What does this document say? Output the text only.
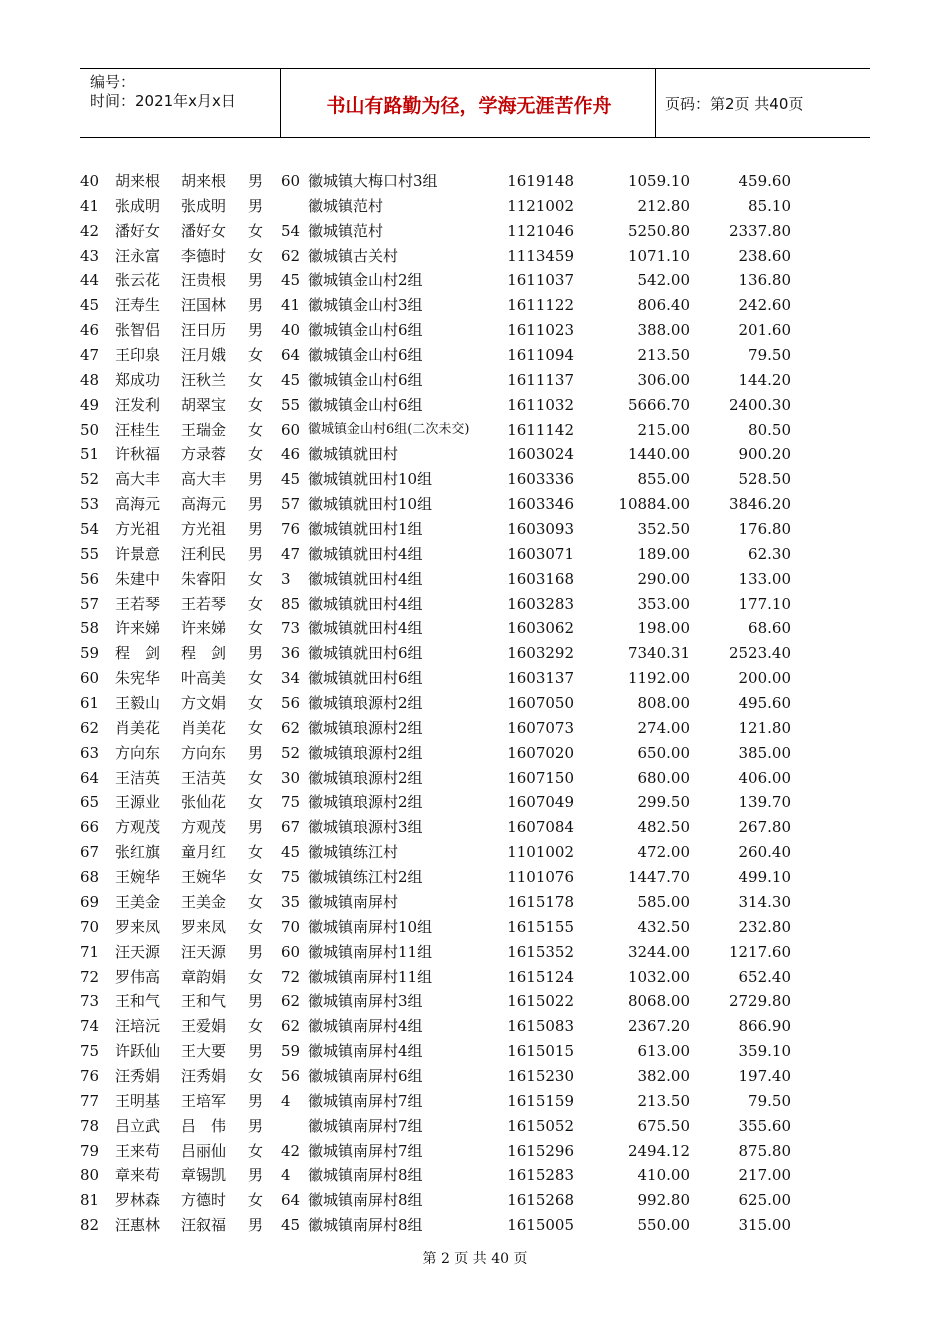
编号：
时间：2021年x月x日	书山有路勤为径，学海无涯苦作舟	页码：第2页 共40页
40 胡来根 胡来根 男 60 徽城镇大梅口村3组	1619148	1059.10	459.60
41 张成明 张成明 男	徽城镇范村	1121002	212.80	85.10
42 潘好女 潘好女 女 54 徽城镇范村	1121046	5250.80	2337.80
43 汪永富 李德时 女 62 徽城镇古关村	1113459	1071.10	238.60
44 张云花 汪贵根 男 45 徽城镇金山村2组	1611037	542.00	136.80
45 汪寿生 汪国林 男 41 徽城镇金山村3组	1611122	806.40	242.60
46 张智侣 汪日历 男 40 徽城镇金山村6组	1611023	388.00	201.60
47 王印泉 汪月娥 女 64 徽城镇金山村6组	1611094	213.50	79.50
48 郑成功 汪秋兰 女 45 徽城镇金山村6组	1611137	306.00	144.20
49 汪发利 胡翠宝 女 55 徽城镇金山村6组	1611032	5666.70	2400.30
50 汪桂生 王瑞金 女 60 徽城镇金山村6组(二次未交)	1611142	215.00	80.50
51 许秋福 方录蓉 女 46 徽城镇就田村	1603024	1440.00	900.20
52 高大丰 高大丰 男 45 徽城镇就田村10组	1603336	855.00	528.50
53 高海元 高海元 男 57 徽城镇就田村10组	1603346	10884.00	3846.20
54 方光祖 方光祖 男 76 徽城镇就田村1组	1603093	352.50	176.80
55 许景意 汪利民 男 47 徽城镇就田村4组	1603071	189.00	62.30
56 朱建中 朱睿阳 女 3 徽城镇就田村4组	1603168	290.00	133.00
57 王若琴 王若琴 女 85 徽城镇就田村4组	1603283	353.00	177.10
58 许来娣 许来娣 女 73 徽城镇就田村4组	1603062	198.00	68.60
59 程　剑 程　剑 男 36 徽城镇就田村6组	1603292	7340.31	2523.40
60 朱宪华 叶高美 女 34 徽城镇就田村6组	1603137	1192.00	200.00
61 王毅山 方文娟 女 56 徽城镇琅源村2组	1607050	808.00	495.60
62 肖美花 肖美花 女 62 徽城镇琅源村2组	1607073	274.00	121.80
63 方向东 方向东 男 52 徽城镇琅源村2组	1607020	650.00	385.00
64 王洁英 王洁英 女 30 徽城镇琅源村2组	1607150	680.00	406.00
65 王源业 张仙花 女 75 徽城镇琅源村2组	1607049	299.50	139.70
66 方观茂 方观茂 男 67 徽城镇琅源村3组	1607084	482.50	267.80
67 张红旗 童月红 女 45 徽城镇练江村	1101002	472.00	260.40
68 王婉华 王婉华 女 75 徽城镇练江村2组	1101076	1447.70	499.10
69 王美金 王美金 女 35 徽城镇南屏村	1615178	585.00	314.30
70 罗来凤 罗来凤 女 70 徽城镇南屏村10组	1615155	432.50	232.80
71 汪天源 汪天源 男 60 徽城镇南屏村11组	1615352	3244.00	1217.60
72 罗伟高 章韵娟 女 72 徽城镇南屏村11组	1615124	1032.00	652.40
73 王和气 王和气 男 62 徽城镇南屏村3组	1615022	8068.00	2729.80
74 汪培沅 王爱娟 女 62 徽城镇南屏村4组	1615083	2367.20	866.90
75 许跃仙 王大要 男 59 徽城镇南屏村4组	1615015	613.00	359.10
76 汪秀娟 汪秀娟 女 56 徽城镇南屏村6组	1615230	382.00	197.40
77 王明基 王培军 男 4 徽城镇南屏村7组	1615159	213.50	79.50
78 吕立武 吕　伟 男	徽城镇南屏村7组	1615052	675.50	355.60
79 王来苟 吕丽仙 女 42 徽城镇南屏村7组	1615296	2494.12	875.80
80 章来苟 章锡凯 男 4 徽城镇南屏村8组	1615283	410.00	217.00
81 罗林森 方德时 女 64 徽城镇南屏村8组	1615268	992.80	625.00
82 汪惠林 汪叙福 男 45 徽城镇南屏村8组	1615005	550.00	315.00
第 2 页 共 40 页
